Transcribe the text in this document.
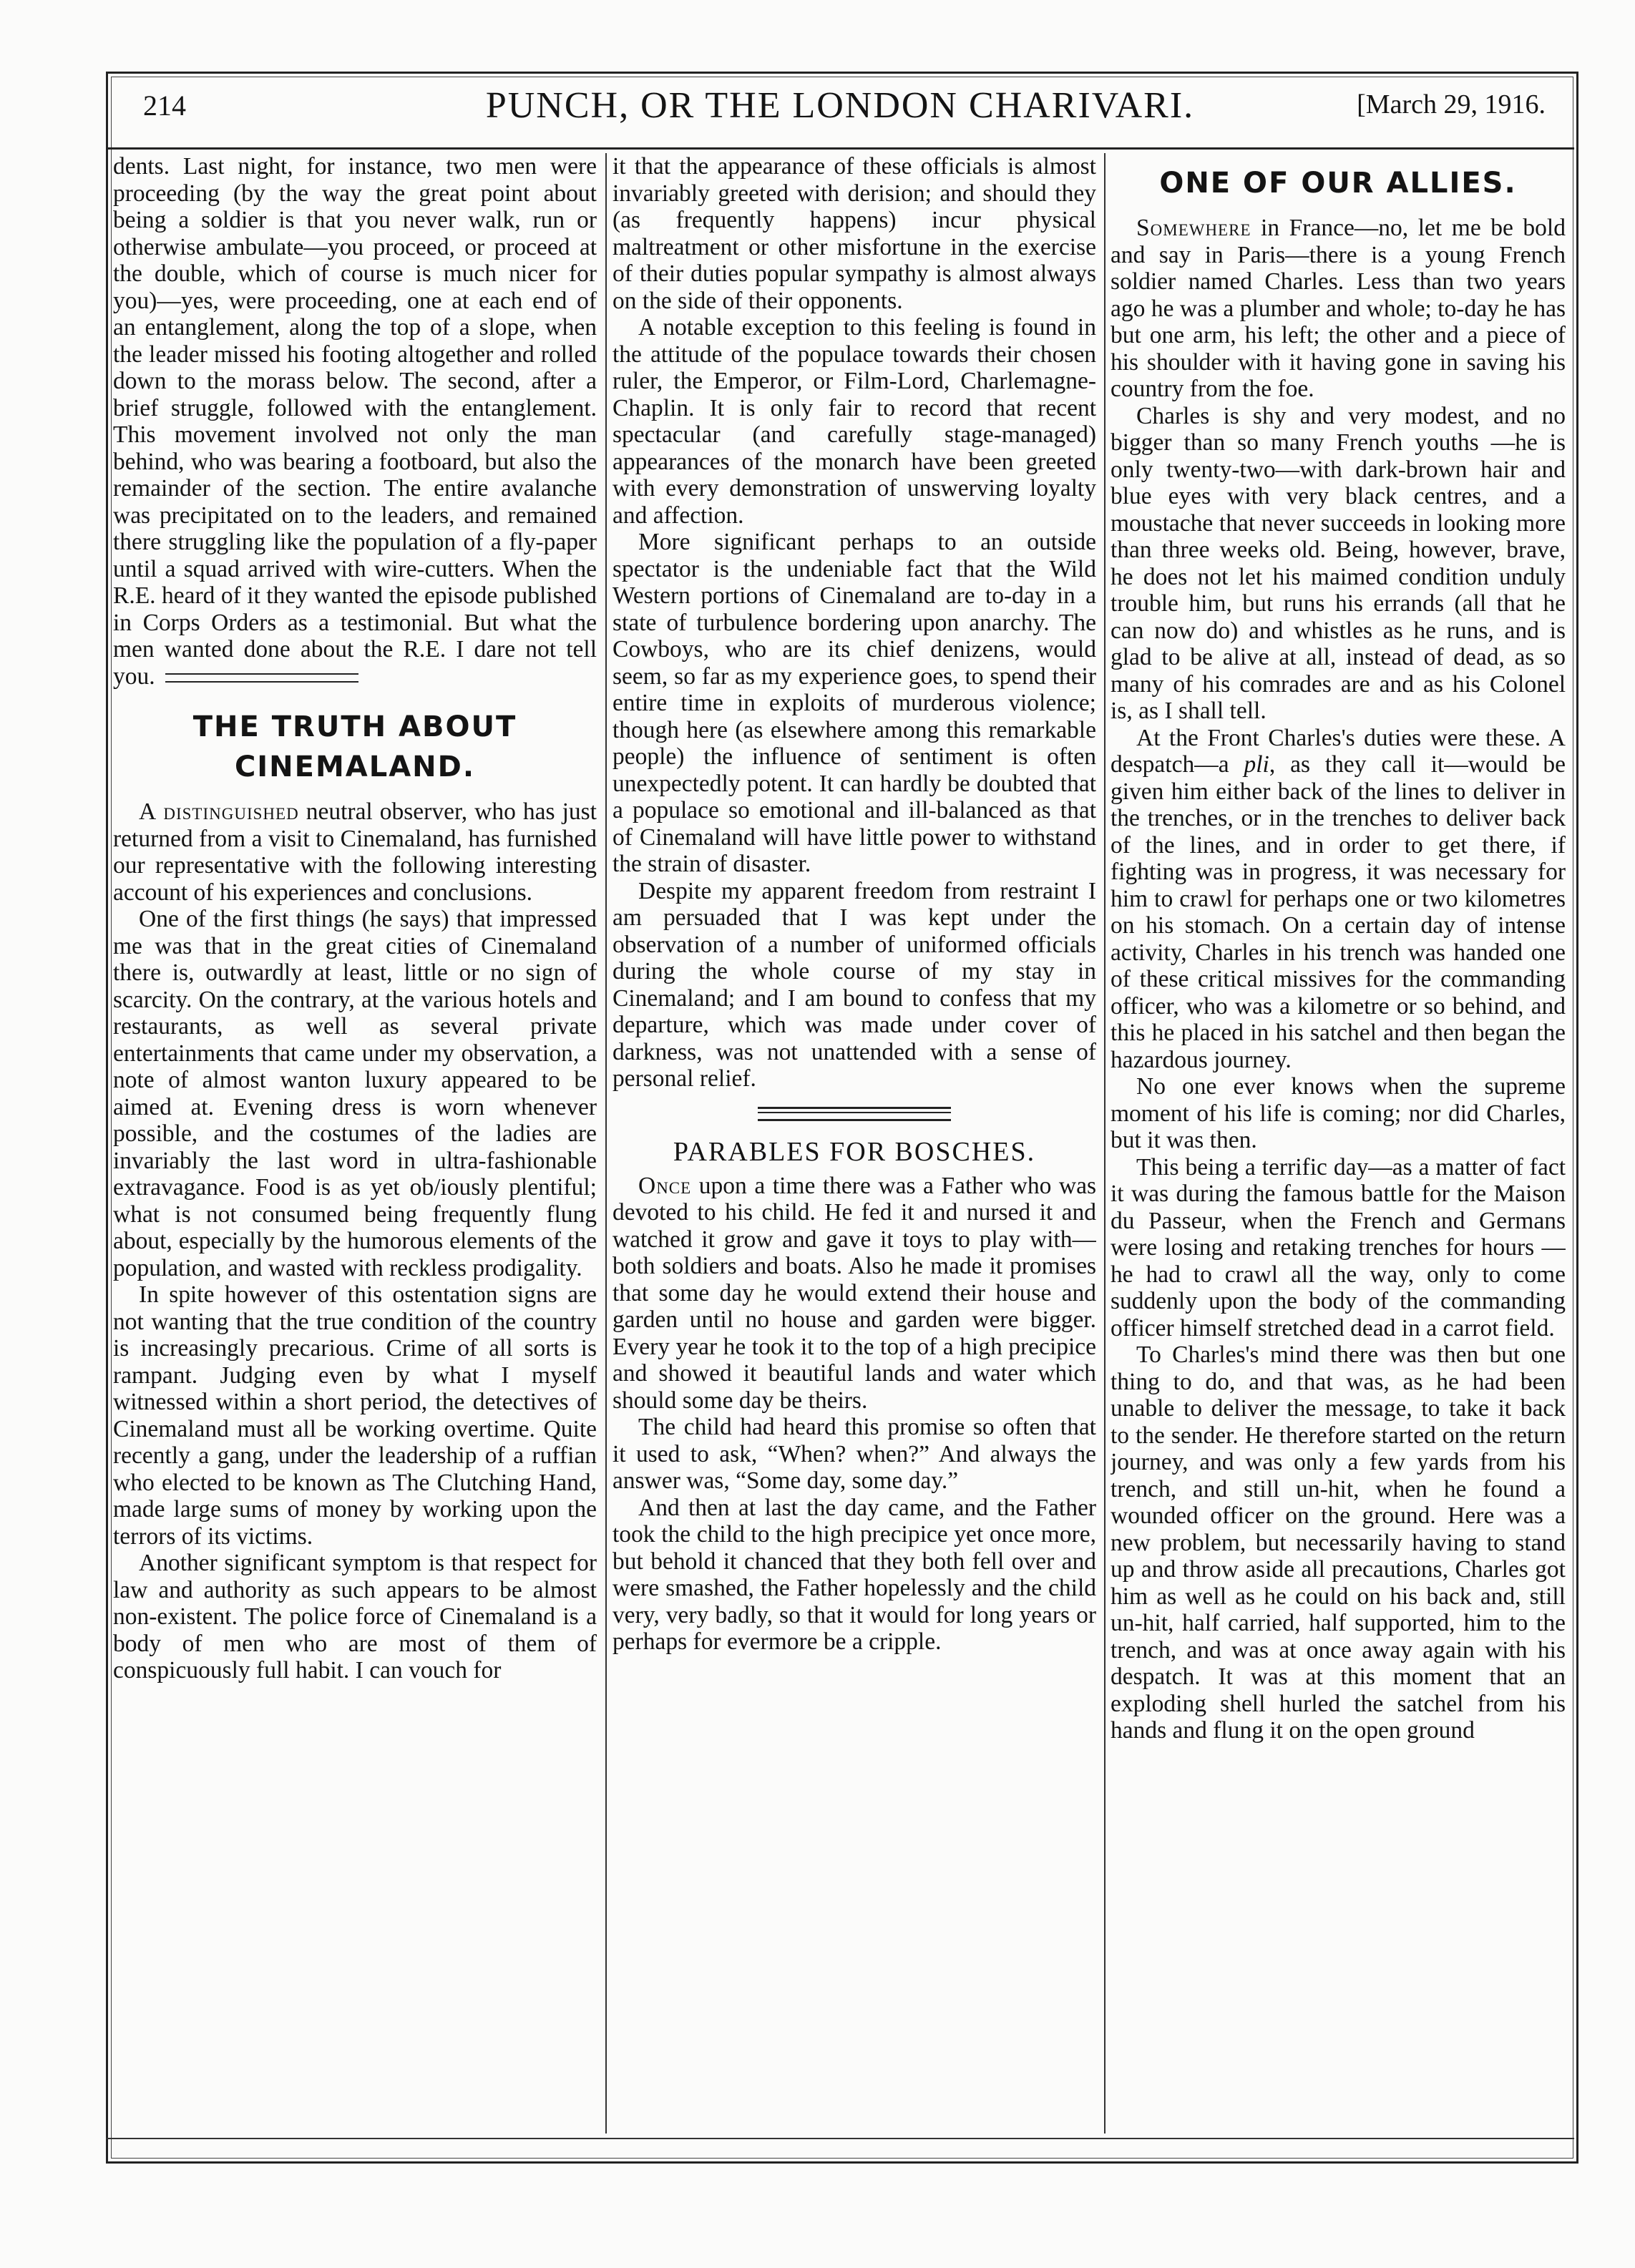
214	PUNCH, OR THE LONDON CHARIVARI.	[March 29, 1916.

dents. Last night, for instance, two men were proceeding (by the way the great point about being a soldier is that you never walk, run or otherwise ambulate—you proceed, or proceed at the double, which of course is much nicer for you)—yes, were proceeding, one at each end of an entanglement, along the top of a slope, when the leader missed his footing altogether and rolled down to the morass below. The second, after a brief struggle, followed with the entanglement. This movement involved not only the man behind, who was bearing a footboard, but also the remainder of the section. The entire avalanche was precipitated on to the leaders, and remained there struggling like the population of a fly-paper until a squad arrived with wire-cutters. When the R.E. heard of it they wanted the episode published in Corps Orders as a testimonial. But what the men wanted done about the R.E. I dare not tell you.

THE TRUTH ABOUT CINEMALAND.

A distinguished neutral observer, who has just returned from a visit to Cinemaland, has furnished our representative with the following interesting account of his experiences and conclusions.

One of the first things (he says) that impressed me was that in the great cities of Cinemaland there is, outwardly at least, little or no sign of scarcity. On the contrary, at the various hotels and restaurants, as well as several private entertainments that came under my observation, a note of almost wanton luxury appeared to be aimed at. Evening dress is worn whenever possible, and the costumes of the ladies are invariably the last word in ultra-fashionable extravagance. Food is as yet ob/iously plentiful; what is not consumed being frequently flung about, especially by the humorous elements of the population, and wasted with reckless prodigality.

In spite however of this ostentation signs are not wanting that the true condition of the country is increasingly precarious. Crime of all sorts is rampant. Judging even by what I myself witnessed within a short period, the detectives of Cinemaland must all be working overtime. Quite recently a gang, under the leadership of a ruffian who elected to be known as The Clutching Hand, made large sums of money by working upon the terrors of its victims.

Another significant symptom is that respect for law and authority as such appears to be almost non-existent. The police force of Cinemaland is a body of men who are most of them of conspicuously full habit. I can vouch for

it that the appearance of these officials is almost invariably greeted with derision; and should they (as frequently happens) incur physical maltreatment or other misfortune in the exercise of their duties popular sympathy is almost always on the side of their opponents.

A notable exception to this feeling is found in the attitude of the populace towards their chosen ruler, the Emperor, or Film-Lord, Charlemagne-Chaplin. It is only fair to record that recent spectacular (and carefully stage-managed) appearances of the monarch have been greeted with every demonstration of unswerving loyalty and affection.

More significant perhaps to an outside spectator is the undeniable fact that the Wild Western portions of Cinemaland are to-day in a state of turbulence bordering upon anarchy. The Cowboys, who are its chief denizens, would seem, so far as my experience goes, to spend their entire time in exploits of murderous violence; though here (as elsewhere among this remarkable people) the influence of sentiment is often unexpectedly potent. It can hardly be doubted that a populace so emotional and ill-balanced as that of Cinemaland will have little power to withstand the strain of disaster.

Despite my apparent freedom from restraint I am persuaded that I was kept under the observation of a number of uniformed officials during the whole course of my stay in Cinemaland; and I am bound to confess that my departure, which was made under cover of darkness, was not unattended with a sense of personal relief.

PARABLES FOR BOSCHES.

Once upon a time there was a Father who was devoted to his child. He fed it and nursed it and watched it grow and gave it toys to play with—both soldiers and boats. Also he made it promises that some day he would extend their house and garden until no house and garden were bigger. Every year he took it to the top of a high precipice and showed it beautiful lands and water which should some day be theirs.

The child had heard this promise so often that it used to ask, “When? when?” And always the answer was, “Some day, some day.”

And then at last the day came, and the Father took the child to the high precipice yet once more, but behold it chanced that they both fell over and were smashed, the Father hopelessly and the child very, very badly, so that it would for long years or perhaps for evermore be a cripple.

ONE OF OUR ALLIES.

Somewhere in France—no, let me be bold and say in Paris—there is a young French soldier named Charles. Less than two years ago he was a plumber and whole; to-day he has but one arm, his left; the other and a piece of his shoulder with it having gone in saving his country from the foe.

Charles is shy and very modest, and no bigger than so many French youths —he is only twenty-two—with dark-brown hair and blue eyes with very black centres, and a moustache that never succeeds in looking more than three weeks old. Being, however, brave, he does not let his maimed condition unduly trouble him, but runs his errands (all that he can now do) and whistles as he runs, and is glad to be alive at all, instead of dead, as so many of his comrades are and as his Colonel is, as I shall tell.

At the Front Charles's duties were these. A despatch—a pli, as they call it—would be given him either back of the lines to deliver in the trenches, or in the trenches to deliver back of the lines, and in order to get there, if fighting was in progress, it was necessary for him to crawl for perhaps one or two kilometres on his stomach. On a certain day of intense activity, Charles in his trench was handed one of these critical missives for the commanding officer, who was a kilometre or so behind, and this he placed in his satchel and then began the hazardous journey.

No one ever knows when the supreme moment of his life is coming; nor did Charles, but it was then.

This being a terrific day—as a matter of fact it was during the famous battle for the Maison du Passeur, when the French and Germans were losing and retaking trenches for hours —he had to crawl all the way, only to come suddenly upon the body of the commanding officer himself stretched dead in a carrot field.

To Charles's mind there was then but one thing to do, and that was, as he had been unable to deliver the message, to take it back to the sender. He therefore started on the return journey, and was only a few yards from his trench, and still un-hit, when he found a wounded officer on the ground. Here was a new problem, but necessarily having to stand up and throw aside all precautions, Charles got him as well as he could on his back and, still un-hit, half carried, half supported, him to the trench, and was at once away again with his despatch. It was at this moment that an exploding shell hurled the satchel from his hands and flung it on the open ground
